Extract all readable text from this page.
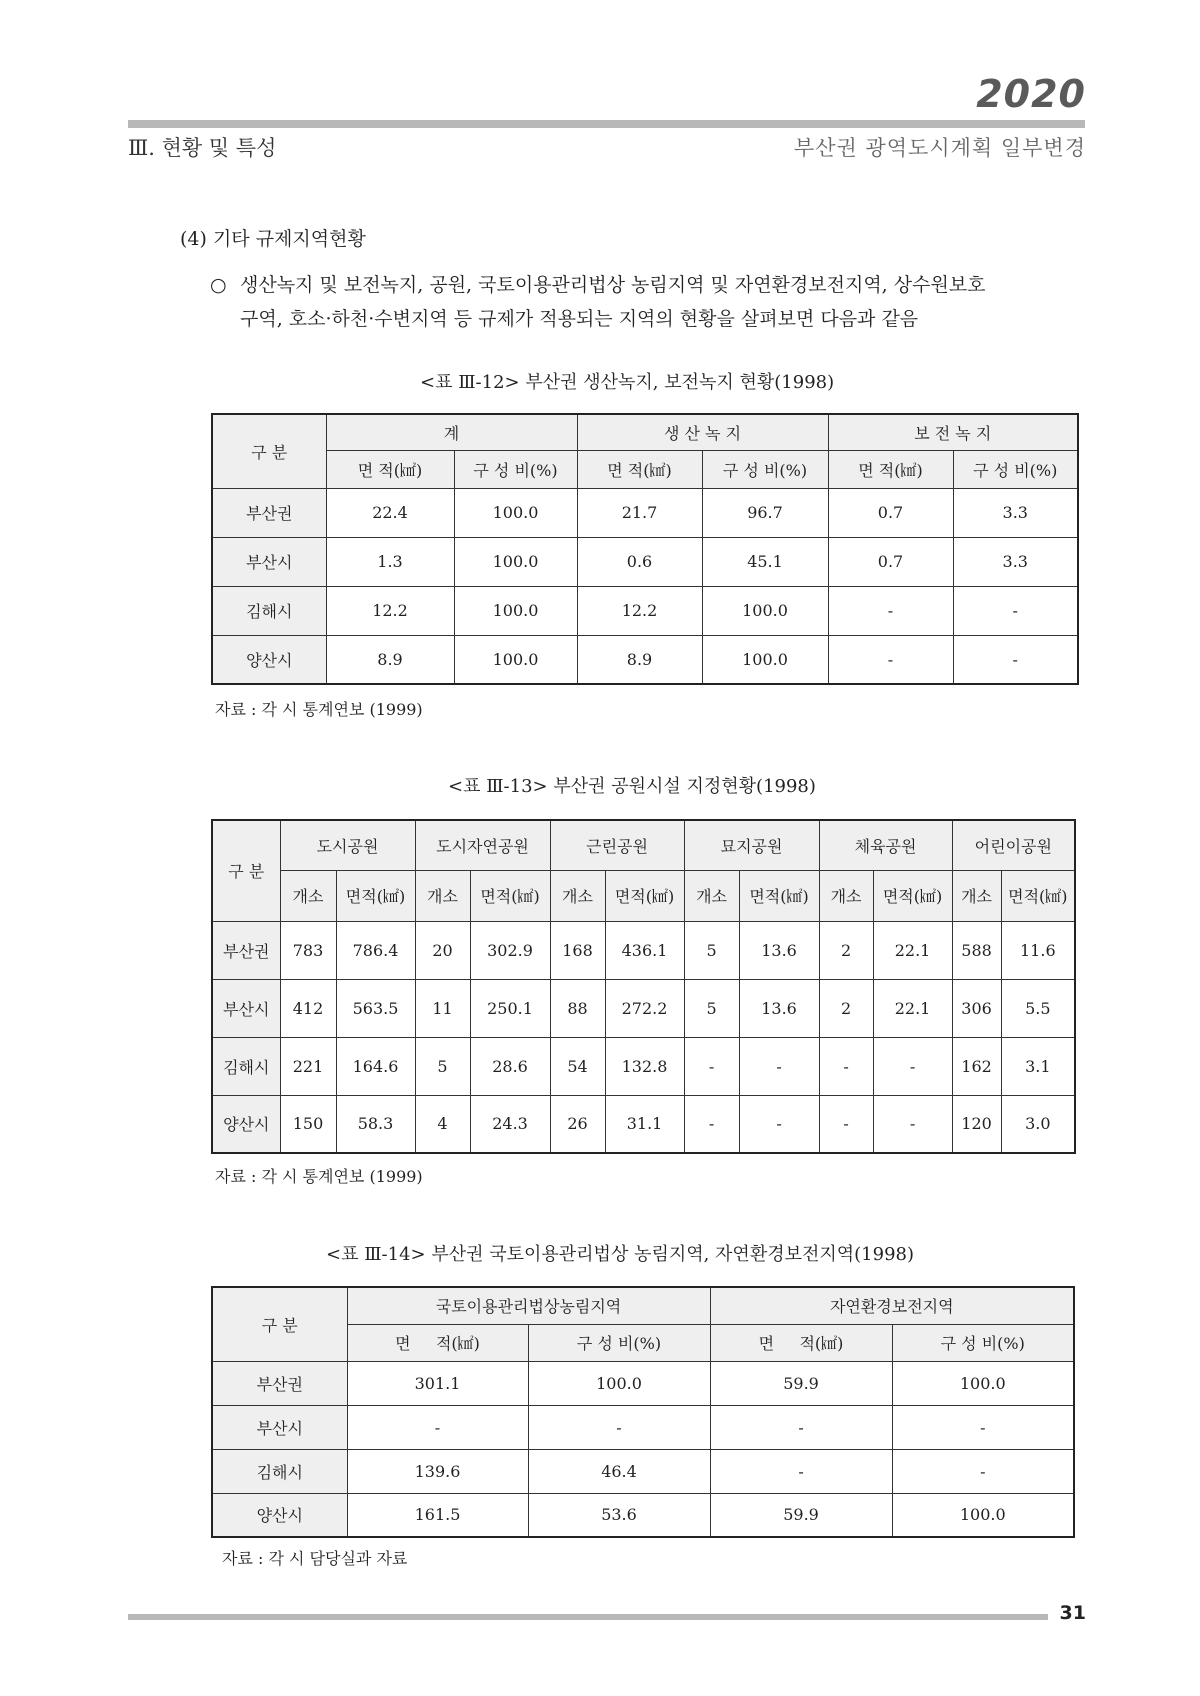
2020
Ⅲ. 현황 및 특성	부산권 광역도시계획 일부변경
(4) 기타 규제지역현황
○ 생산녹지 및 보전녹지, 공원, 국토이용관리법상 농림지역 및 자연환경보전지역, 상수원보호
구역, 호소·하천·수변지역 등 규제가 적용되는 지역의 현황을 살펴보면 다음과 같음
<표 Ⅲ-12> 부산권 생산녹지, 보전녹지 현황(1998)
구 분	계		생 산 녹 지		보 전 녹 지	
	면 적(㎢)	구 성 비(%)	면 적(㎢)	구 성 비(%)	면 적(㎢)	구 성 비(%)
부산권	22.4	100.0	21.7	96.7	0.7	3.3
부산시	1.3	100.0	0.6	45.1	0.7	3.3
김해시	12.2	100.0	12.2	100.0	-	-
양산시	8.9	100.0	8.9	100.0	-	-
자료 : 각 시 통계연보 (1999)
<표 Ⅲ-13> 부산권 공원시설 지정현황(1998)
구 분	도시공원		도시자연공원		근린공원		묘지공원		체육공원		어린이공원	
	개소	면적(㎢)	개소	면적(㎢)	개소	면적(㎢)	개소	면적(㎢)	개소	면적(㎢)	개소	면적(㎢)
부산권	783	786.4	20	302.9	168	436.1	5	13.6	2	22.1	588	11.6
부산시	412	563.5	11	250.1	88	272.2	5	13.6	2	22.1	306	5.5
김해시	221	164.6	5	28.6	54	132.8	-	-	-	-	162	3.1
양산시	150	58.3	4	24.3	26	31.1	-	-	-	-	120	3.0
자료 : 각 시 통계연보 (1999)
<표 Ⅲ-14> 부산권 국토이용관리법상 농림지역, 자연환경보전지역(1998)
구 분	국토이용관리법상농림지역		자연환경보전지역	
	면     적(㎢)	구 성 비(%)	면     적(㎢)	구 성 비(%)
부산권	301.1	100.0	59.9	100.0
부산시	-	-	-	-
김해시	139.6	46.4	-	-
양산시	161.5	53.6	59.9	100.0
자료 : 각 시 담당실과 자료
31
